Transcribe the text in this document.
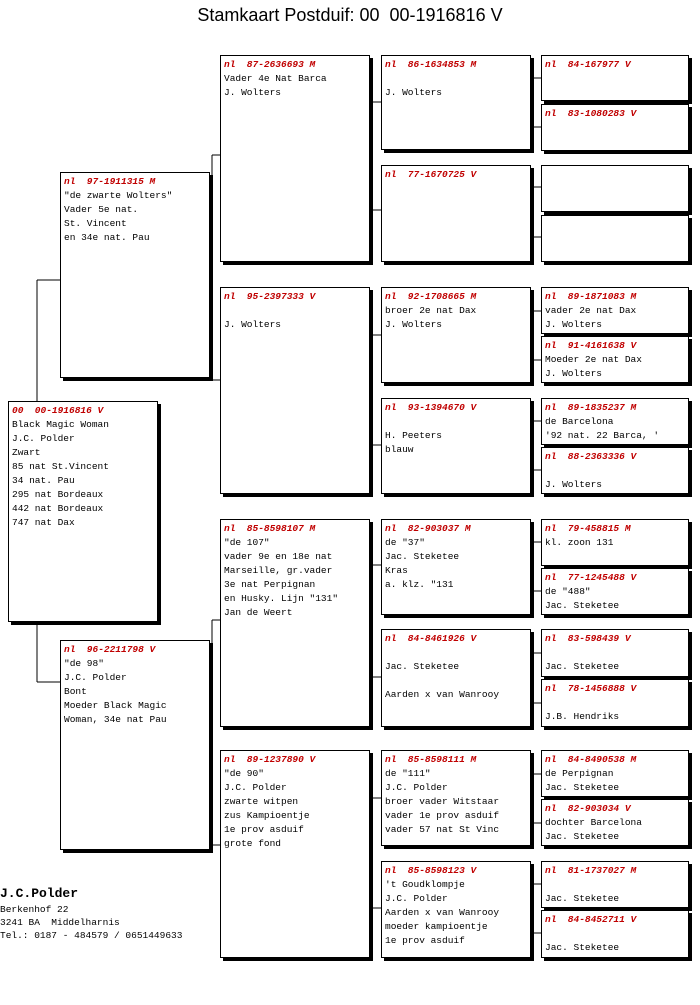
Stamkaart Postduif: 00  00-1916816 V
00  00-1916816 V
Black Magic Woman
J.C. Polder
Zwart
85 nat St.Vincent
34 nat. Pau
295 nat Bordeaux
442 nat Bordeaux
747 nat Dax
nl  97-1911315 M
"de zwarte Wolters"
Vader 5e nat.
St. Vincent
en 34e nat. Pau
nl  96-2211798 V
"de 98"
J.C. Polder
Bont
Moeder Black Magic
Woman, 34e nat Pau
nl  87-2636693 M
Vader 4e Nat Barca
J. Wolters
nl  95-2397333 V
J. Wolters
nl  85-8598107 M
"de 107"
vader 9e en 18e nat
Marseille, gr.vader
3e nat Perpignan
en Husky. Lijn "131"
Jan de Weert
nl  89-1237890 V
"de 90"
J.C. Polder
zwarte witpen
zus Kampioentje
1e prov asduif
grote fond
nl  86-1634853 M
J. Wolters
nl  77-1670725 V
nl  92-1708665 M
broer 2e nat Dax
J. Wolters
nl  93-1394670 V
H. Peeters
blauw
nl  82-903037 M
de "37"
Jac. Steketee
Kras
a. klz. "131
nl  84-8461926 V
Jac. Steketee
Aarden x van Wanrooy
nl  85-8598111 M
de "111"
J.C. Polder
broer vader Witstaar
vader 1e prov asduif
vader 57 nat St Vinc
nl  85-8598123 V
't Goudklompje
J.C. Polder
Aarden x van Wanrooy
moeder kampioentje
1e prov asduif
nl  84-167977 V
nl  83-1080283 V
nl  89-1871083 M
vader 2e nat Dax
J. Wolters
nl  91-4161638 V
Moeder 2e nat Dax
J. Wolters
nl  89-1835237 M
de Barcelona
'92 nat. 22 Barca, '
nl  88-2363336 V
J. Wolters
nl  79-458815 M
kl. zoon 131
nl  77-1245488 V
de "488"
Jac. Steketee
nl  83-598439 V
Jac. Steketee
nl  78-1456888 V
J.B. Hendriks
nl  84-8490538 M
de Perpignan
Jac. Steketee
nl  82-903034 V
dochter Barcelona
Jac. Steketee
nl  81-1737027 M
Jac. Steketee
nl  84-8452711 V
Jac. Steketee
J.C.Polder
Berkenhof 22
3241 BA  Middelharnis
Tel.: 0187 - 484579 / 0651449633
